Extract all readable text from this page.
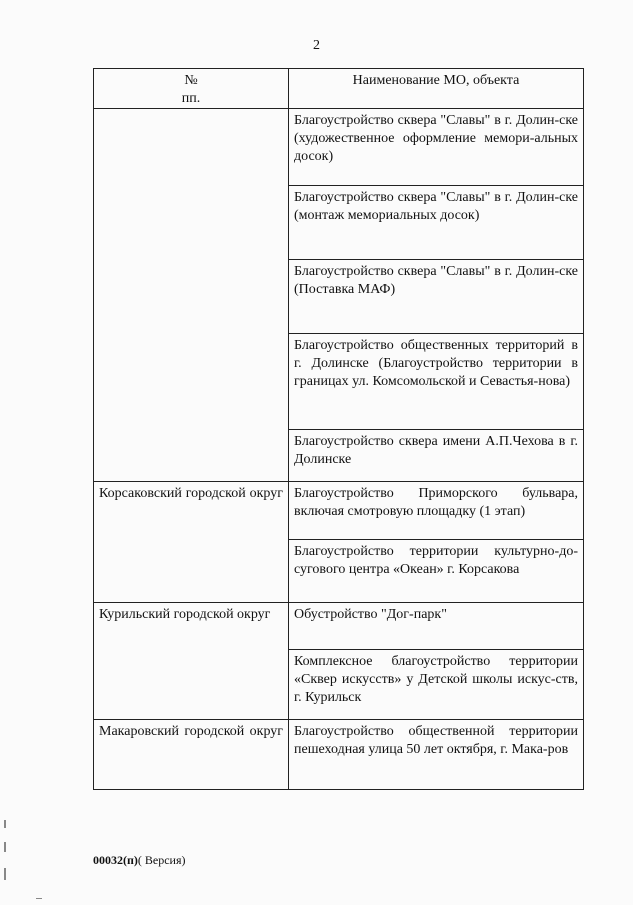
2
№
пп.	Наименование МО, объекта
	Благоустройство сквера "Славы" в г. Долин-ске (художественное оформление мемори-альных досок)
	Благоустройство сквера "Славы" в г. Долин-ске (монтаж мемориальных досок)
	Благоустройство сквера "Славы" в г. Долин-ске (Поставка МАФ)
	Благоустройство общественных территорий в г. Долинске (Благоустройство территории в границах ул. Комсомольской и Севастья-нова)
	Благоустройство сквера имени А.П.Чехова в г. Долинске
Корсаковский городской округ	Благоустройство Приморского бульвара, включая смотровую площадку (1 этап)
	Благоустройство территории культурно-до-сугового центра «Океан» г. Корсакова
Курильский городской округ	Обустройство "Дог-парк"
	Комплексное благоустройство территории «Сквер искусств» у Детской школы искус-ств, г. Курильск
Макаровский городской округ	Благоустройство общественной территории пешеходная улица 50 лет октября, г. Мака-ров
00032(п)( Версия)
